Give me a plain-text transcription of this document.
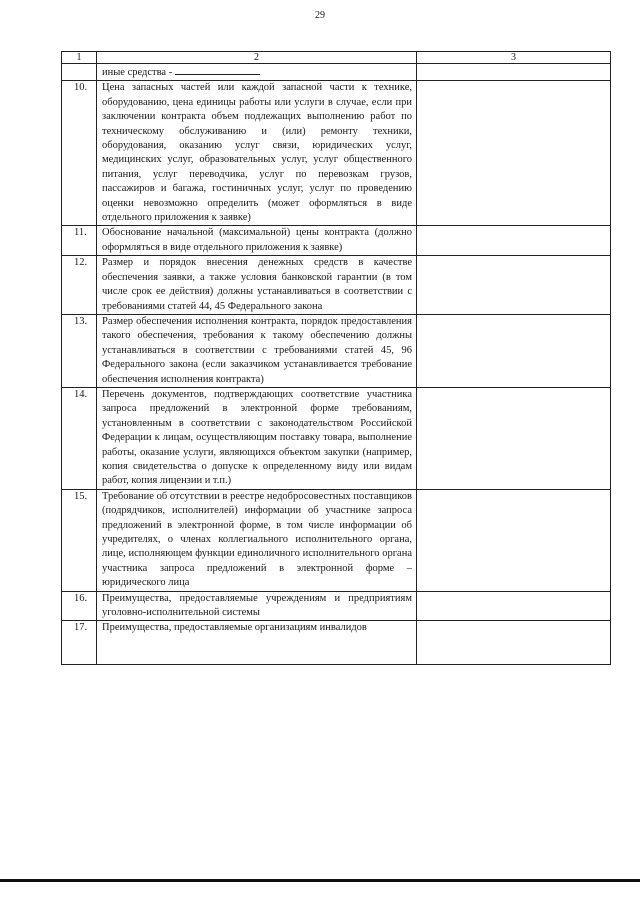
29
1	2	3
	иные средства -	
10.	Цена запасных частей или каждой запасной части к технике, оборудованию, цена единицы работы или услуги в случае, если при заключении контракта объем подлежащих выполнению работ по техническому обслуживанию и (или) ремонту техники, оборудования, оказанию услуг связи, юридических услуг, медицинских услуг, образовательных услуг, услуг общественного питания, услуг переводчика, услуг по перевозкам грузов, пассажиров и багажа, гостиничных услуг, услуг по проведению оценки невозможно определить (может оформляться в виде отдельного приложения к заявке)	
11.	Обоснование начальной (максимальной) цены контракта (должно оформляться в виде отдельного приложения к заявке)	
12.	Размер и порядок внесения денежных средств в качестве обеспечения заявки, а также условия банковской гарантии (в том числе срок ее действия) должны устанавливаться в соответствии с требованиями статей 44, 45 Федерального закона	
13.	Размер обеспечения исполнения контракта, порядок предоставления такого обеспечения, требования к такому обеспечению должны устанавливаться в соответствии с требованиями статей 45, 96 Федерального закона (если заказчиком устанавливается требование обеспечения исполнения контракта)	
14.	Перечень документов, подтверждающих соответствие участника запроса предложений в электронной форме требованиям, установленным в соответствии с законодательством Российской Федерации к лицам, осуществляющим поставку товара, выполнение работы, оказание услуги, являющихся объектом закупки (например, копия свидетельства о допуске к определенному виду или видам работ, копия лицензии и т.п.)	
15.	Требование об отсутствии в реестре недобросовестных поставщиков (подрядчиков, исполнителей) информации об участнике запроса предложений в электронной форме, в том числе информации об учредителях, о членах коллегиального исполнительного органа, лице, исполняющем функции единоличного исполнительного органа участника запроса предложений в электронной форме – юридического лица	
16.	Преимущества, предоставляемые учреждениям и предприятиям уголовно-исполнительной системы	
17.	Преимущества, предоставляемые организациям инвалидов	
